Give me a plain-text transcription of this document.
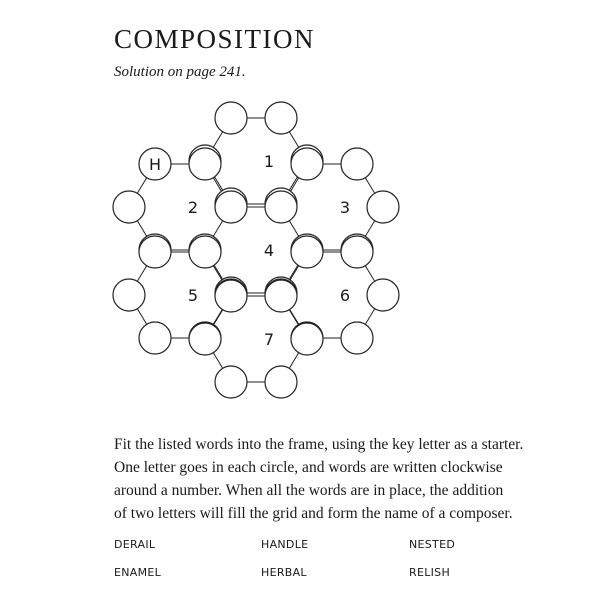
COMPOSITION
Solution on page 241.
1
2	3
4
5	6
7
H
Fit the listed words into the frame, using the key letter as a starter.
One letter goes in each circle, and words are written clockwise
around a number. When all the words are in place, the addition
of two letters will fill the grid and form the name of a composer.
DERAIL	HANDLE	NESTED
ENAMEL	HERBAL	RELISH
